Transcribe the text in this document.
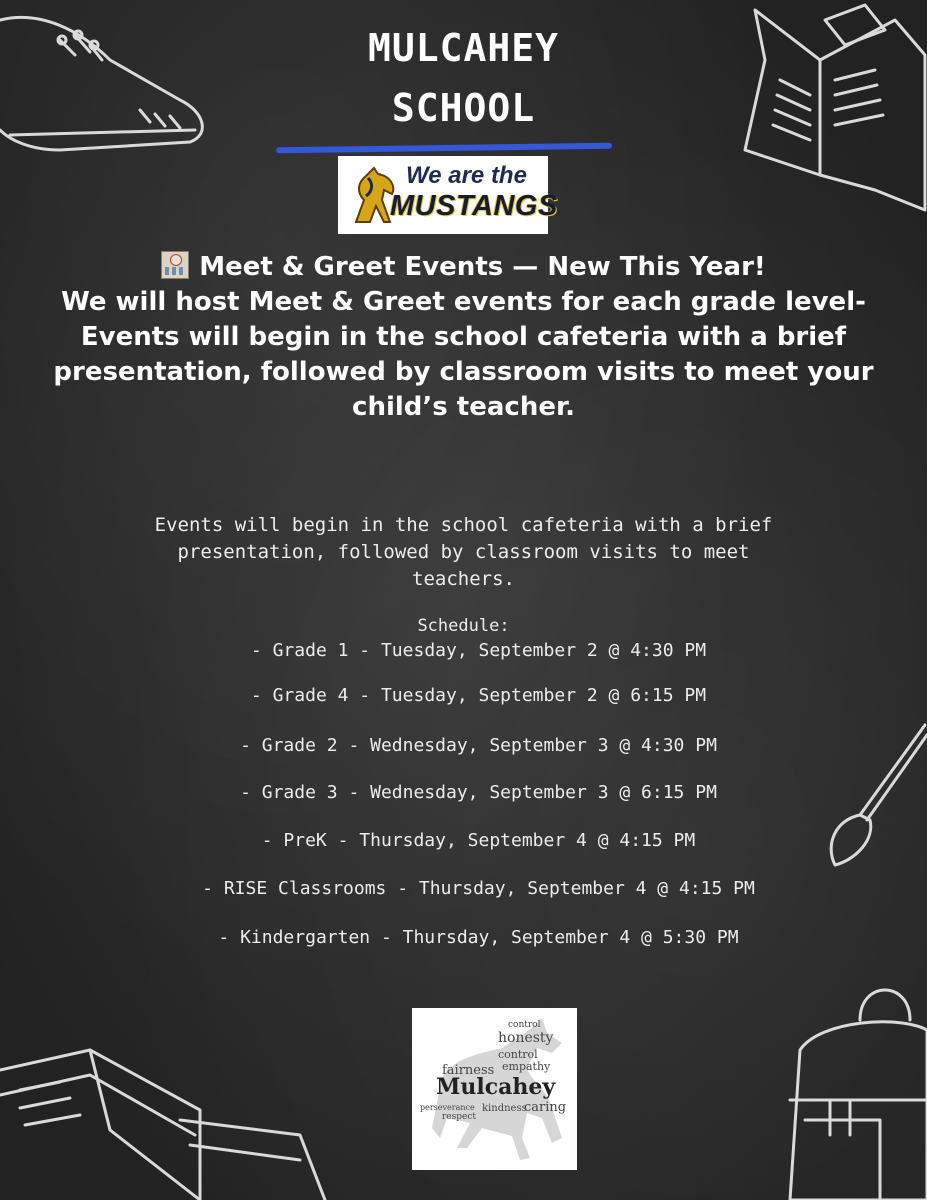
MULCAHEY
SCHOOL
We are the
MUSTANGS
Meet & Greet Events — New This Year!
We will host Meet & Greet events for each grade level- Events will begin in the school cafeteria with a brief presentation, followed by classroom visits to meet your child’s teacher.
Events will begin in the school cafeteria with a brief presentation, followed by classroom visits to meet teachers.
Schedule:
- Grade 1 - Tuesday, September 2 @ 4:30 PM
- Grade 4 - Tuesday, September 2 @ 6:15 PM
- Grade 2 - Wednesday, September 3 @ 4:30 PM
- Grade 3 - Wednesday, September 3 @ 6:15 PM
- PreK - Thursday, September 4 @ 4:15 PM
- RISE Classrooms - Thursday, September 4 @ 4:15 PM
- Kindergarten - Thursday, September 4 @ 5:30 PM
control
honesty
control
empathy
fairness
Mulcahey
kindness
caring
respect
perseverance
